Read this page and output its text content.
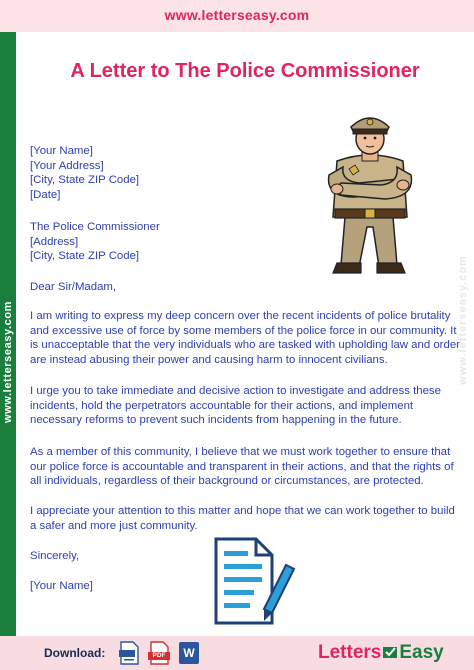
www.letterseasy.com
www.letterseasy.com
A Letter to The Police Commissioner
www.letterseasy.com
[Your Name]
[Your Address]
[City, State ZIP Code]
[Date]
The Police Commissioner
[Address]
[City, State ZIP Code]
Dear Sir/Madam,
I am writing to express my deep concern over the recent incidents of police brutality
and excessive use of force by some members of the police force in our community. It
is unacceptable that the very individuals who are tasked with upholding law and order
are instead abusing their power and causing harm to innocent civilians.
I urge you to take immediate and decisive action to investigate and address these
incidents, hold the perpetrators accountable for their actions, and implement
necessary reforms to prevent such incidents from happening in the future.
As a member of this community, I believe that we must work together to ensure that
our police force is accountable and transparent in their actions, and that the rights of
all individuals, regardless of their background or circumstances, are protected.
I appreciate your attention to this matter and hope that we can work together to build
a safer and more just community.
Sincerely,
[Your Name]
Download:	PDF	W	Letters Easy
